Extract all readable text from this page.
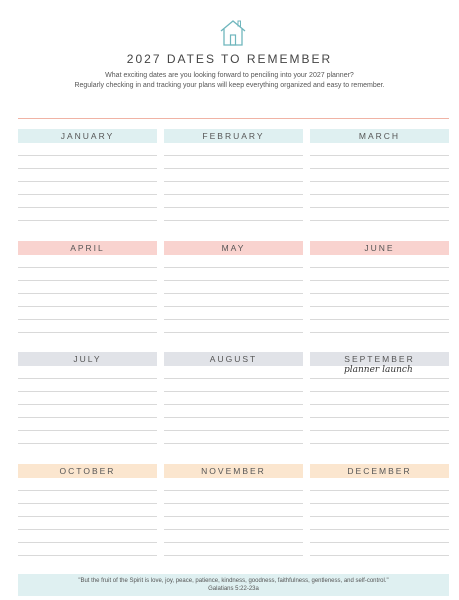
2027 DATES TO REMEMBER
What exciting dates are you looking forward to penciling into your 2027 planner?
Regularly checking in and tracking your plans will keep everything organized and easy to remember.
JANUARY	FEBRUARY	MARCH
APRIL	MAY	JUNE
JULY	AUGUST	SEPTEMBER
planner launch
OCTOBER	NOVEMBER	DECEMBER
"But the fruit of the Spirit is love, joy, peace, patience, kindness, goodness, faithfulness, gentleness, and self-control."
Galatians 5:22-23a
